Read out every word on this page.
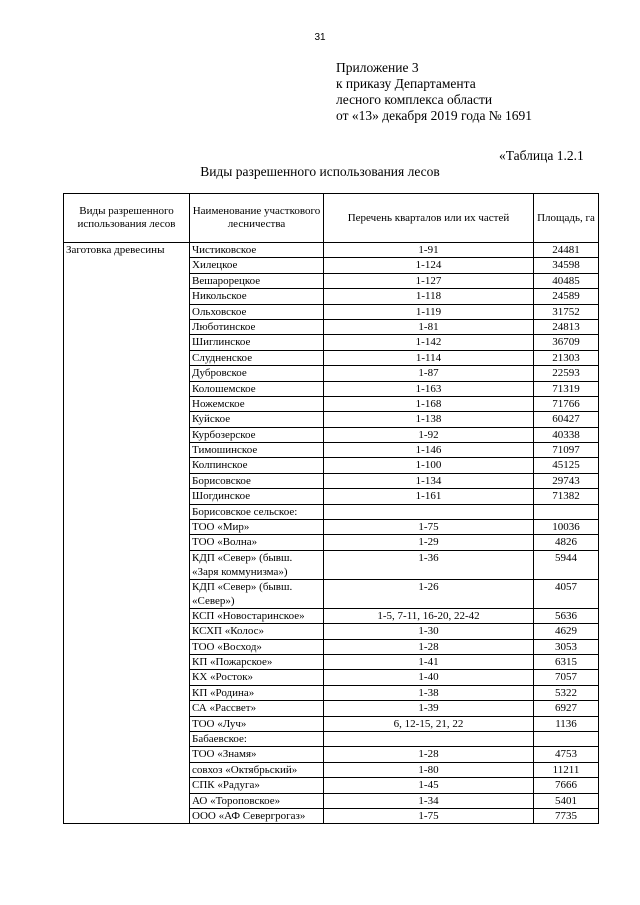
31
Приложение 3
к приказу Департамента
лесного комплекса области
от «13» декабря 2019 года № 1691
«Таблица 1.2.1
Виды разрешенного использования лесов
Виды разрешенного использования лесов	Наименование участкового лесничества	Перечень кварталов или их частей	Площадь, га
Заготовка древесины	Чистиковское	1-91	24481
	Хилецкое	1-124	34598
	Вешарорецкое	1-127	40485
	Никольское	1-118	24589
	Ольховское	1-119	31752
	Люботинское	1-81	24813
	Шиглинское	1-142	36709
	Слудненское	1-114	21303
	Дубровское	1-87	22593
	Колошемское	1-163	71319
	Ножемское	1-168	71766
	Куйское	1-138	60427
	Курбозерское	1-92	40338
	Тимошинское	1-146	71097
	Колпинское	1-100	45125
	Борисовское	1-134	29743
	Шогдинское	1-161	71382
	Борисовское сельское:		
	ТОО «Мир»	1-75	10036
	ТОО «Волна»	1-29	4826
	КДП «Север» (бывш. «Заря коммунизма»)	1-36	5944
	КДП «Север» (бывш. «Север»)	1-26	4057
	КСП «Новостаринское»	1-5, 7-11, 16-20, 22-42	5636
	КСХП «Колос»	1-30	4629
	ТОО «Восход»	1-28	3053
	КП «Пожарское»	1-41	6315
	КХ «Росток»	1-40	7057
	КП «Родина»	1-38	5322
	СА «Рассвет»	1-39	6927
	ТОО «Луч»	6, 12-15, 21, 22	1136
	Бабаевское:		
	ТОО «Знамя»	1-28	4753
	совхоз «Октябрьский»	1-80	11211
	СПК «Радуга»	1-45	7666
	АО «Тороповское»	1-34	5401
	ООО «АФ Севергрогаз»	1-75	7735
